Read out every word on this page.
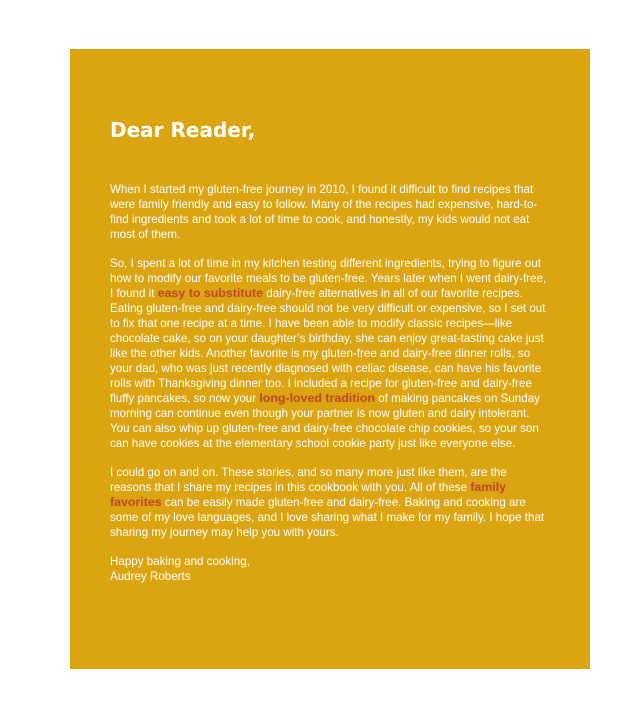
Dear Reader,

When I started my gluten-free journey in 2010, I found it difficult to find recipes that were family friendly and easy to follow. Many of the recipes had expensive, hard-to-find ingredients and took a lot of time to cook, and honestly, my kids would not eat most of them.

So, I spent a lot of time in my kitchen testing different ingredients, trying to figure out how to modify our favorite meals to be gluten-free. Years later when I went dairy-free, I found it easy to substitute dairy-free alternatives in all of our favorite recipes. Eating gluten-free and dairy-free should not be very difficult or expensive, so I set out to fix that one recipe at a time. I have been able to modify classic recipes—like chocolate cake, so on your daughter’s birthday, she can enjoy great-tasting cake just like the other kids. Another favorite is my gluten-free and dairy-free dinner rolls, so your dad, who was just recently diagnosed with celiac disease, can have his favorite rolls with Thanksgiving dinner too. I included a recipe for gluten-free and dairy-free fluffy pancakes, so now your long-loved tradition of making pancakes on Sunday morning can continue even though your partner is now gluten and dairy intolerant. You can also whip up gluten-free and dairy-free chocolate chip cookies, so your son can have cookies at the elementary school cookie party just like everyone else.

I could go on and on. These stories, and so many more just like them, are the reasons that I share my recipes in this cookbook with you. All of these family favorites can be easily made gluten-free and dairy-free. Baking and cooking are some of my love languages, and I love sharing what I make for my family. I hope that sharing my journey may help you with yours.

Happy baking and cooking,

Audrey Roberts
